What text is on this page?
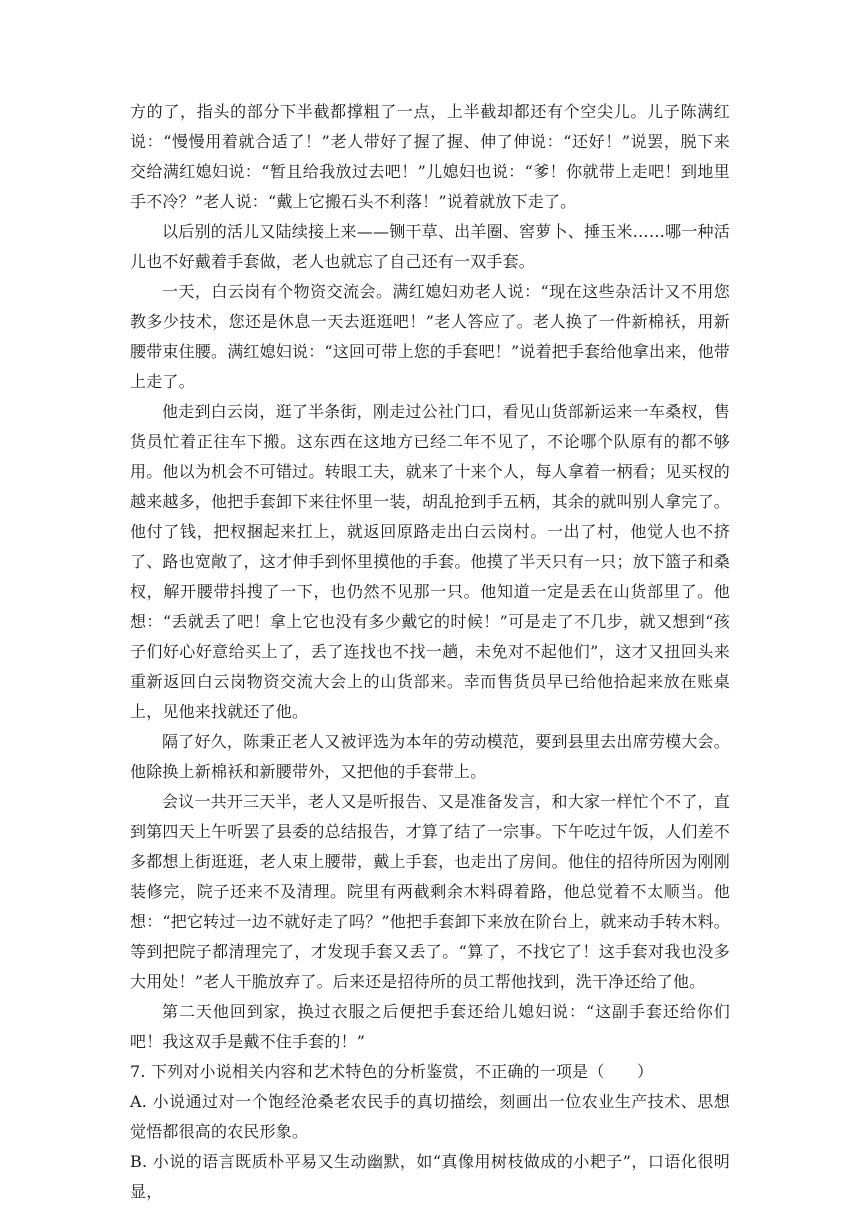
方的了，指头的部分下半截都撑粗了一点，上半截却都还有个空尖儿。儿子陈满红说：“慢慢用着就合适了！”老人带好了握了握、伸了伸说：“还好！”说罢，脱下来交给满红媳妇说：“暂且给我放过去吧！”儿媳妇也说：“爹！你就带上走吧！到地里手不冷？”老人说：“戴上它搬石头不利落！”说着就放下走了。

以后别的活儿又陆续接上来——铡干草、出羊圈、窖萝卜、捶玉米……哪一种活儿也不好戴着手套做，老人也就忘了自己还有一双手套。

一天，白云岗有个物资交流会。满红媳妇劝老人说：“现在这些杂活计又不用您教多少技术，您还是休息一天去逛逛吧！”老人答应了。老人换了一件新棉袄，用新腰带束住腰。满红媳妇说：“这回可带上您的手套吧！”说着把手套给他拿出来，他带上走了。

他走到白云岗，逛了半条街，刚走过公社门口，看见山货部新运来一车桑杈，售货员忙着正往车下搬。这东西在这地方已经二年不见了，不论哪个队原有的都不够用。他以为机会不可错过。转眼工夫，就来了十来个人，每人拿着一柄看；见买杈的越来越多，他把手套卸下来往怀里一装，胡乱抢到手五柄，其余的就叫别人拿完了。他付了钱，把杈捆起来扛上，就返回原路走出白云岗村。一出了村，他觉人也不挤了、路也宽敞了，这才伸手到怀里摸他的手套。他摸了半天只有一只；放下篮子和桑杈，解开腰带抖搜了一下，也仍然不见那一只。他知道一定是丢在山货部里了。他想：“丢就丢了吧！拿上它也没有多少戴它的时候！”可是走了不几步，就又想到“孩子们好心好意给买上了，丢了连找也不找一趟，未免对不起他们”，这才又扭回头来重新返回白云岗物资交流大会上的山货部来。幸而售货员早已给他拾起来放在账桌上，见他来找就还了他。

隔了好久，陈秉正老人又被评选为本年的劳动模范，要到县里去出席劳模大会。他除换上新棉袄和新腰带外，又把他的手套带上。

会议一共开三天半，老人又是听报告、又是准备发言，和大家一样忙个不了，直到第四天上午听罢了县委的总结报告，才算了结了一宗事。下午吃过午饭，人们差不多都想上街逛逛，老人束上腰带，戴上手套，也走出了房间。他住的招待所因为刚刚装修完，院子还来不及清理。院里有两截剩余木料碍着路，他总觉着不太顺当。他想：“把它转过一边不就好走了吗？”他把手套卸下来放在阶台上，就来动手转木料。等到把院子都清理完了，才发现手套又丢了。“算了，不找它了！这手套对我也没多大用处！”老人干脆放弃了。后来还是招待所的员工帮他找到，洗干净还给了他。

第二天他回到家，换过衣服之后便把手套还给儿媳妇说：“这副手套还给你们吧！我这双手是戴不住手套的！”

7. 下列对小说相关内容和艺术特色的分析鉴赏，不正确的一项是（　　）

A. 小说通过对一个饱经沧桑老农民手的真切描绘，刻画出一位农业生产技术、思想觉悟都很高的农民形象。

B. 小说的语言既质朴平易又生动幽默，如“真像用树枝做成的小耙子”，口语化很明显，
